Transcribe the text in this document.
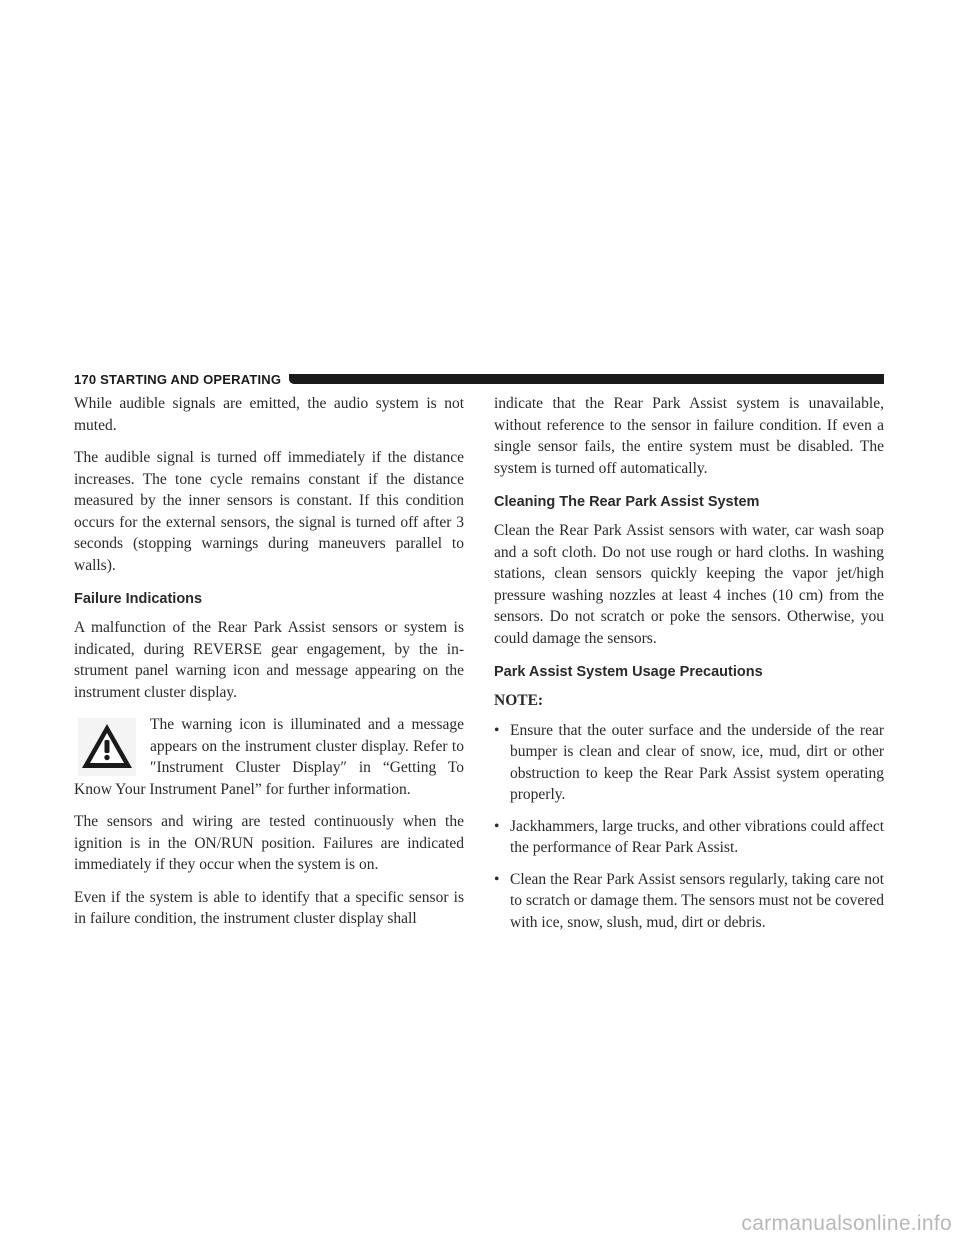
170 STARTING AND OPERATING

While audible signals are emitted, the audio system is not muted.

The audible signal is turned off immediately if the distance increases. The tone cycle remains constant if the distance measured by the inner sensors is constant. If this condition occurs for the external sensors, the signal is turned off after 3 seconds (stopping warnings during maneuvers parallel to walls).

Failure Indications

A malfunction of the Rear Park Assist sensors or system is indicated, during REVERSE gear engagement, by the in-strument panel warning icon and message appearing on the instrument cluster display.

The warning icon is illuminated and a message appears on the instrument cluster display. Refer to ″Instrument Cluster Display″ in “Getting To Know Your Instrument Panel” for further information.

The sensors and wiring are tested continuously when the ignition is in the ON/RUN position. Failures are indicated immediately if they occur when the system is on.

Even if the system is able to identify that a specific sensor is in failure condition, the instrument cluster display shall

indicate that the Rear Park Assist system is unavailable, without reference to the sensor in failure condition. If even a single sensor fails, the entire system must be disabled. The system is turned off automatically.

Cleaning The Rear Park Assist System

Clean the Rear Park Assist sensors with water, car wash soap and a soft cloth. Do not use rough or hard cloths. In washing stations, clean sensors quickly keeping the vapor jet/high pressure washing nozzles at least 4 inches (10 cm) from the sensors. Do not scratch or poke the sensors. Otherwise, you could damage the sensors.

Park Assist System Usage Precautions
NOTE:
• Ensure that the outer surface and the underside of the rear bumper is clean and clear of snow, ice, mud, dirt or other obstruction to keep the Rear Park Assist system operating properly.
• Jackhammers, large trucks, and other vibrations could affect the performance of Rear Park Assist.
• Clean the Rear Park Assist sensors regularly, taking care not to scratch or damage them. The sensors must not be covered with ice, snow, slush, mud, dirt or debris.
carmanualsonline.info
